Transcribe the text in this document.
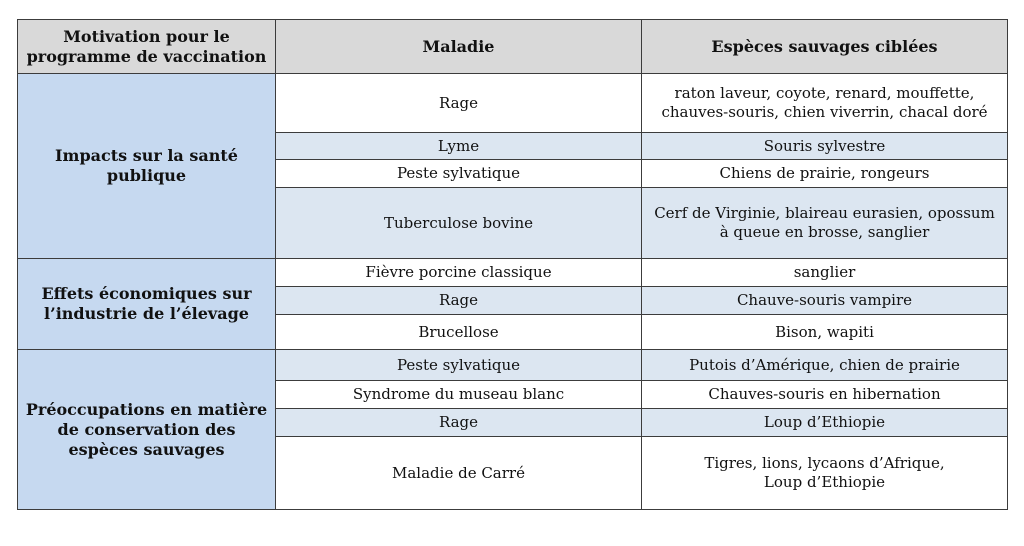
Motivation pour le
programme de vaccination	Maladie	Espèces sauvages ciblées
Impacts sur la santé
publique	Rage	raton laveur, coyote, renard, mouffette,
chauves-souris, chien viverrin, chacal doré
	Lyme	Souris sylvestre
	Peste sylvatique	Chiens de prairie, rongeurs
	Tuberculose bovine	Cerf de Virginie, blaireau eurasien, opossum
à queue en brosse, sanglier
Effets économiques sur
l’industrie de l’élevage	Fièvre porcine classique	sanglier
	Rage	Chauve-souris vampire
	Brucellose	Bison, wapiti
Préoccupations en matière
de conservation des
espèces sauvages	Peste sylvatique	Putois d’Amérique, chien de prairie
	Syndrome du museau blanc	Chauves-souris en hibernation
	Rage	Loup d’Ethiopie
	Maladie de Carré	Tigres, lions, lycaons d’Afrique,
Loup d’Ethiopie
